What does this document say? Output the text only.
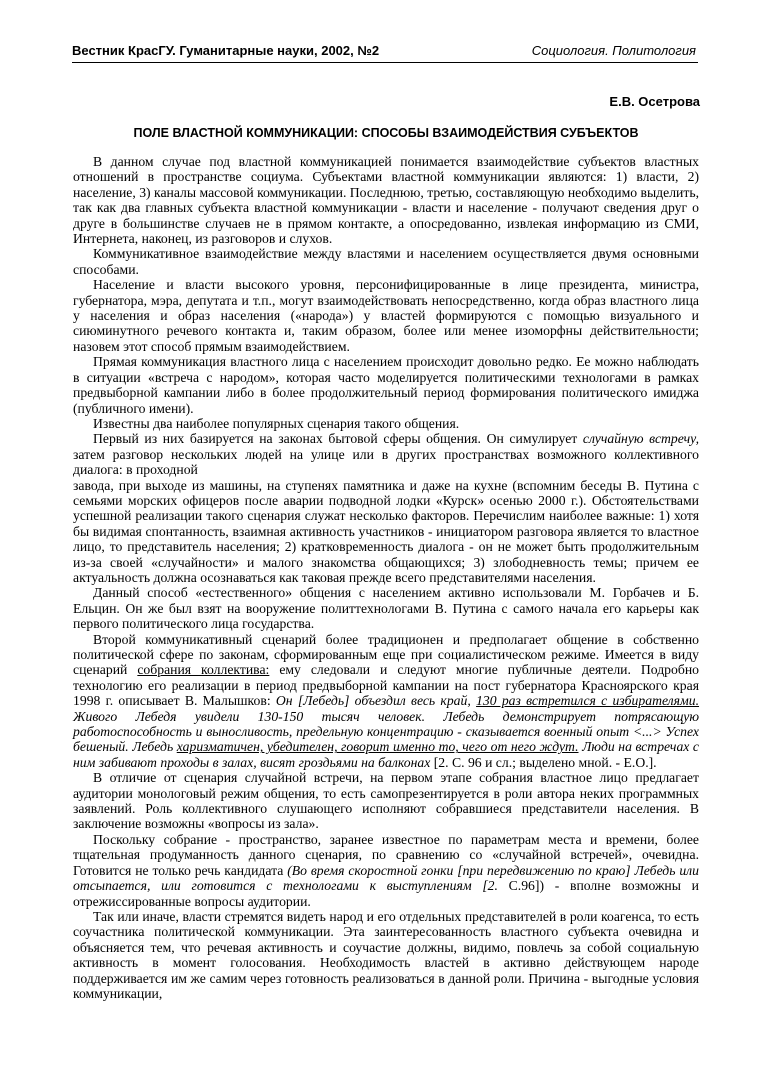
Вестник КрасГУ. Гуманитарные науки, 2002, №2	Социология. Политология
Е.В. Осетрова
ПОЛЕ ВЛАСТНОЙ КОММУНИКАЦИИ: СПОСОБЫ ВЗАИМОДЕЙСТВИЯ СУБЪЕКТОВ

В данном случае под властной коммуникацией понимается взаимодействие субъектов властных отношений в пространстве социума. Субъектами властной коммуникации являются: 1) власти, 2) население, 3) каналы массовой коммуникации. Последнюю, третью, составляющую необходимо выделить, так как два главных субъекта властной коммуникации - власти и население - получают сведения друг о друге в большинстве случаев не в прямом контакте, а опосредованно, извлекая информацию из СМИ, Интернета, наконец, из разговоров и слухов.

Коммуникативное взаимодействие между властями и населением осуществляется двумя основными способами.

Население и власти высокого уровня, персонифицированные в лице президента, министра, губернатора, мэра, депутата и т.п., могут взаимодействовать непосредственно, когда образ властного лица у населения и образ населения («народа») у властей формируются с помощью визуального и сиюминутного речевого контакта и, таким образом, более или менее изоморфны действительности; назовем этот способ прямым взаимодействием.

Прямая коммуникация властного лица с населением происходит довольно редко. Ее можно наблюдать в ситуации «встреча с народом», которая часто моделируется политическими технологами в рамках предвыборной кампании либо в более продолжительный период формирования политического имиджа (публичного имени).

Известны два наиболее популярных сценария такого общения.

Первый из них базируется на законах бытовой сферы общения. Он симулирует случайную встречу, затем разговор нескольких людей на улице или в других пространствах возможного коллективного диалога: в проходной

завода, при выходе из машины, на ступенях памятника и даже на кухне (вспомним беседы В. Путина с семьями морских офицеров после аварии подводной лодки «Курск» осенью 2000 г.). Обстоятельствами успешной реализации такого сценария служат несколько факторов. Перечислим наиболее важные: 1) хотя бы видимая спонтанность, взаимная активность участников - инициатором разговора является то властное лицо, то представитель населения; 2) кратковременность диалога - он не может быть продолжительным из-за своей «случайности» и малого знакомства общающихся; 3) злободневность темы; причем ее актуальность должна осознаваться как таковая прежде всего представителями населения.

Данный способ «естественного» общения с населением активно использовали М. Горбачев и Б. Ельцин. Он же был взят на вооружение политтехнологами В. Путина с самого начала его карьеры как первого политического лица государства.

Второй коммуникативный сценарий более традиционен и предполагает общение в собственно политической сфере по законам, сформированным еще при социалистическом режиме. Имеется в виду сценарий собрания коллектива: ему следовали и следуют многие публичные деятели. Подробно технологию его реализации в период предвыборной кампании на пост губернатора Красноярского края 1998 г. описывает В. Малышков: Он [Лебедь] объездил весь край, 130 раз встретился с избирателями. Живого Лебедя увидели 130-150 тысяч человек. Лебедь демонстрирует потрясающую работоспособность и выносливость, предельную концентрацию - сказывается военный опыт <...> Успех бешеный. Лебедь харизматичен, убедителен, говорит именно то, чего от него ждут. Люди на встречах с ним забивают проходы в залах, висят гроздьями на балконах [2. С. 96 и сл.; выделено мной. - Е.О.].

В отличие от сценария случайной встречи, на первом этапе собрания властное лицо предлагает аудитории монологовый режим общения, то есть самопрезентируется в роли автора неких программных заявлений. Роль коллективного слушающего исполняют собравшиеся представители населения. В заключение возможны «вопросы из зала».

Поскольку собрание - пространство, заранее известное по параметрам места и времени, более тщательная продуманность данного сценария, по сравнению со «случайной встречей», очевидна. Готовится не только речь кандидата (Во время скоростной гонки [при передвижению по краю] Лебедь или отсыпается, или готовится с технологами к выступлениям [2. С.96]) - вполне возможны и отрежиссированные вопросы аудитории.

Так или иначе, власти стремятся видеть народ и его отдельных представителей в роли коагенса, то есть соучастника политической коммуникации. Эта заинтересованность властного субъекта очевидна и объясняется тем, что речевая активность и соучастие должны, видимо, повлечь за собой социальную активность в момент голосования. Необходимость властей в активно действующем народе поддерживается им же самим через готовность реализоваться в данной роли. Причина - выгодные условия коммуникации,
